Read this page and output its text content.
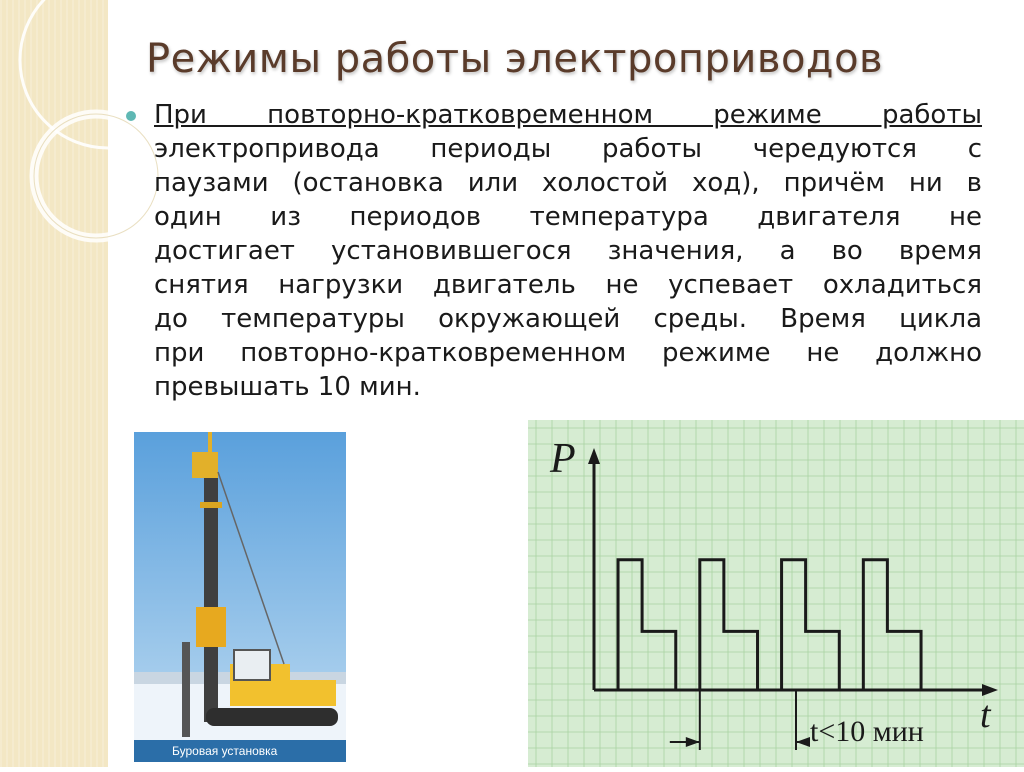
Режимы работы электроприводов
При повторно-кратковременном режиме работы
электропривода периоды работы чередуются с
паузами (остановка или холостой ход), причём ни в
один из периодов температура двигателя не
достигает установившегося значения, а во время
снятия нагрузки двигатель не успевает охладиться
до температуры окружающей среды. Время цикла
при повторно-кратковременном режиме не должно
превышать 10 мин.
Буровая установка
P
t
t<10 мин
